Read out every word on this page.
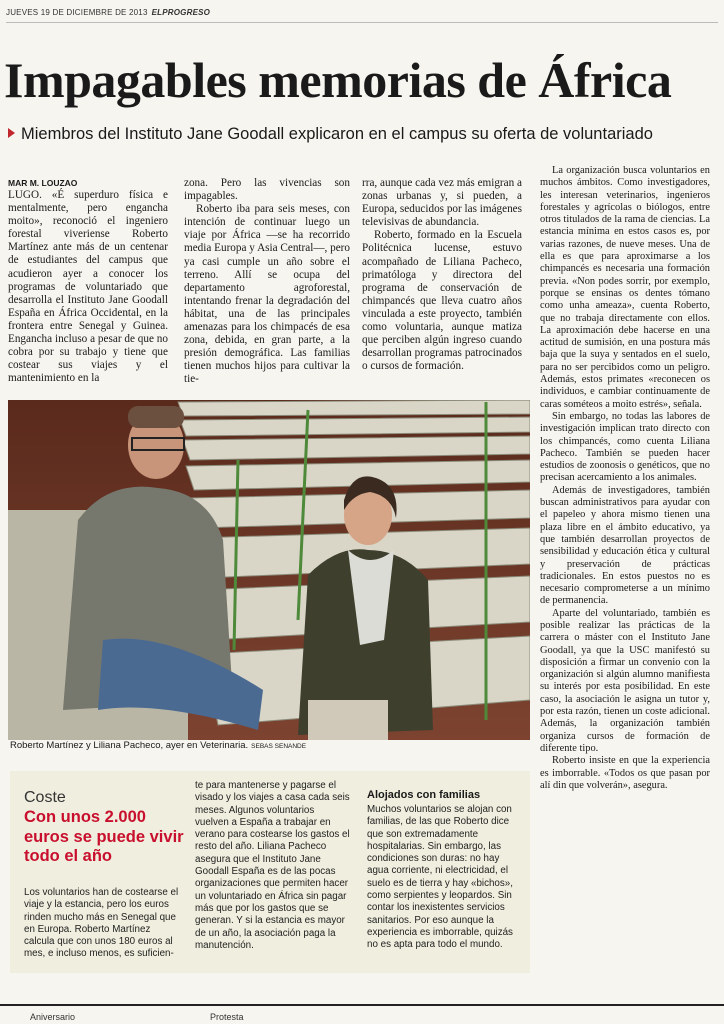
JUEVES 19 DE DICIEMBRE DE 2013 ELPROGRESO
Impagables memorias de África
Miembros del Instituto Jane Goodall explicaron en el campus su oferta de voluntariado
MAR M. LOUZAO

LUGO. «É superduro física e mentalmente, pero engancha moito», reconoció el ingeniero forestal viveriense Roberto Martínez ante más de un centenar de estudiantes del campus que acudieron ayer a conocer los programas de voluntariado que desarrolla el Instituto Jane Goodall España en África Occidental, en la frontera entre Senegal y Guinea. Engancha incluso a pesar de que no cobra por su trabajo y tiene que costear sus viajes y el mantenimiento en la

zona. Pero las vivencias son impagables.

Roberto iba para seis meses, con intención de continuar luego un viaje por África —se ha recorrido media Europa y Asia Central—, pero ya casi cumple un año sobre el terreno. Allí se ocupa del departamento agroforestal, intentando frenar la degradación del hábitat, una de las principales amenazas para los chimpacés de esa zona, debida, en gran parte, a la presión demográfica. Las familias tienen muchos hijos para cultivar la tie-

rra, aunque cada vez más emigran a zonas urbanas y, si pueden, a Europa, seducidos por las imágenes televisivas de abundancia.

Roberto, formado en la Escuela Politécnica lucense, estuvo acompañado de Liliana Pacheco, primatóloga y directora del programa de conservación de chimpancés que lleva cuatro años vinculada a este proyecto, también como voluntaria, aunque matiza que perciben algún ingreso cuando desarrollan programas patrocinados o cursos de formación.

La organización busca voluntarios en muchos ámbitos. Como investigadores, les interesan veterinarios, ingenieros forestales y agrícolas o biólogos, entre otros titulados de la rama de ciencias. La estancia mínima en estos casos es, por varias razones, de nueve meses. Una de ella es que para aproximarse a los chimpancés es necesaria una formación previa. «Non podes sorrir, por exemplo, porque se ensinas os dentes tómano como unha ameaza», cuenta Roberto, que no trabaja directamente con ellos. La aproximación debe hacerse en una actitud de sumisión, en una postura más baja que la suya y sentados en el suelo, para no ser percibidos como un peligro. Además, estos primates «reconecen os individuos, e cambiar continuamente de caras sométeos a moito estrés», señala.

Sin embargo, no todas las labores de investigación implican trato directo con los chimpancés, como cuenta Liliana Pacheco. También se pueden hacer estudios de zoonosis o genéticos, que no precisan acercamiento a los animales.

Además de investigadores, también buscan administrativos para ayudar con el papeleo y ahora mismo tienen una plaza libre en el ámbito educativo, ya que también desarrollan proyectos de sensibilidad y educación ética y cultural y preservación de prácticas tradicionales. En estos puestos no es necesario comprometerse a un mínimo de permanencia.

Aparte del voluntariado, también es posible realizar las prácticas de la carrera o máster con el Instituto Jane Goodall, ya que la USC manifestó su disposición a firmar un convenio con la organización si algún alumno manifiesta su interés por esta posibilidad. En este caso, la asociación le asigna un tutor y, por esta razón, tienen un coste adicional. Además, la organización también organiza cursos de formación de diferente tipo.

Roberto insiste en que la experiencia es imborrable. «Todos os que pasan por alí din que volverán», asegura.

Roberto Martínez y Liliana Pacheco, ayer en Veterinaria. SEBAS SENANDE
Coste
Con unos 2.000 euros se puede vivir todo el año

Los voluntarios han de costearse el viaje y la estancia, pero los euros rinden mucho más en Senegal que en Europa. Roberto Martínez calcula que con unos 180 euros al mes, e incluso menos, es suficien-

te para mantenerse y pagarse el visado y los viajes a casa cada seis meses. Algunos voluntarios vuelven a España a trabajar en verano para costearse los gastos el resto del año. Liliana Pacheco asegura que el Instituto Jane Goodall España es de las pocas organizaciones que permiten hacer un voluntariado en África sin pagar más que por los gastos que se generan. Y si la estancia es mayor de un año, la asociación paga la manutención.

Alojados con familias

Muchos voluntarios se alojan con familias, de las que Roberto dice que son extremadamente hospitalarias. Sin embargo, las condiciones son duras: no hay agua corriente, ni electricidad, el suelo es de tierra y hay «bichos», como serpientes y leopardos. Sin contar los inexistentes servicios sanitarios. Por eso aunque la experiencia es imborrable, quizás no es apta para todo el mundo.

Aniversario	Protesta
